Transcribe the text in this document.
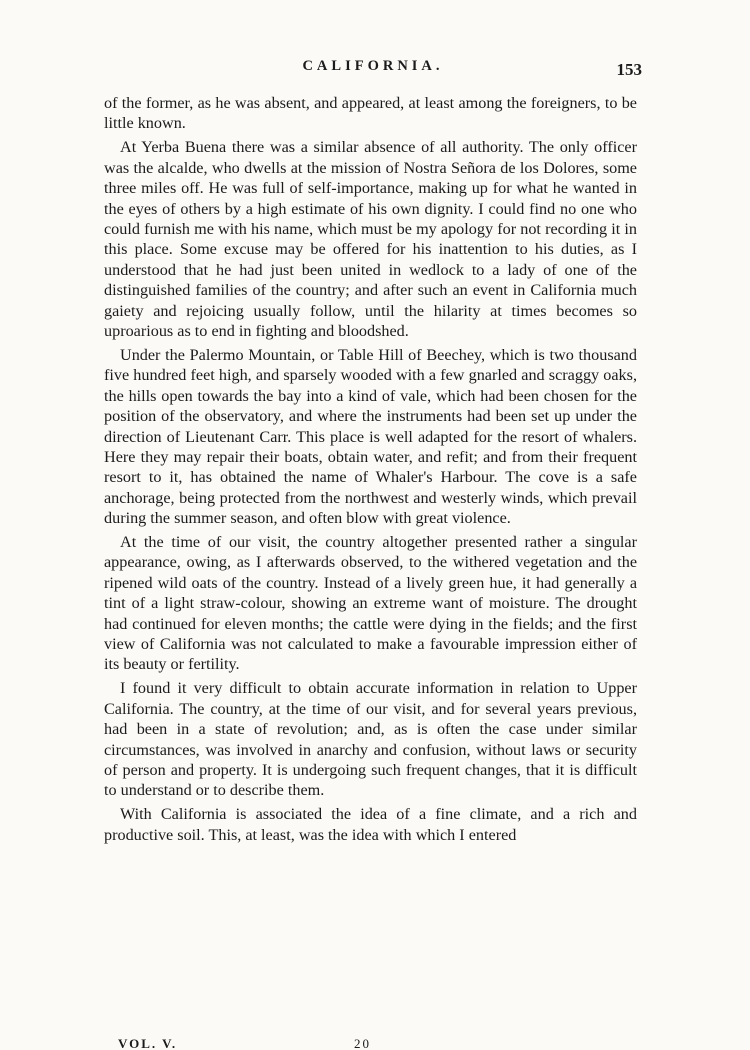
CALIFORNIA.	153

of the former, as he was absent, and appeared, at least among the foreigners, to be little known.

At Yerba Buena there was a similar absence of all authority. The only officer was the alcalde, who dwells at the mission of Nostra Señora de los Dolores, some three miles off. He was full of self-importance, making up for what he wanted in the eyes of others by a high estimate of his own dignity. I could find no one who could furnish me with his name, which must be my apology for not recording it in this place. Some excuse may be offered for his inattention to his duties, as I understood that he had just been united in wedlock to a lady of one of the distinguished families of the country; and after such an event in California much gaiety and rejoicing usually follow, until the hilarity at times becomes so uproarious as to end in fighting and bloodshed.

Under the Palermo Mountain, or Table Hill of Beechey, which is two thousand five hundred feet high, and sparsely wooded with a few gnarled and scraggy oaks, the hills open towards the bay into a kind of vale, which had been chosen for the position of the observatory, and where the instruments had been set up under the direction of Lieutenant Carr. This place is well adapted for the resort of whalers. Here they may repair their boats, obtain water, and refit; and from their frequent resort to it, has obtained the name of Whaler's Harbour. The cove is a safe anchorage, being protected from the northwest and westerly winds, which prevail during the summer season, and often blow with great violence.

At the time of our visit, the country altogether presented rather a singular appearance, owing, as I afterwards observed, to the withered vegetation and the ripened wild oats of the country. Instead of a lively green hue, it had generally a tint of a light straw-colour, showing an extreme want of moisture. The drought had continued for eleven months; the cattle were dying in the fields; and the first view of California was not calculated to make a favourable impression either of its beauty or fertility.

I found it very difficult to obtain accurate information in relation to Upper California. The country, at the time of our visit, and for several years previous, had been in a state of revolution; and, as is often the case under similar circumstances, was involved in anarchy and confusion, without laws or security of person and property. It is undergoing such frequent changes, that it is difficult to understand or to describe them.

With California is associated the idea of a fine climate, and a rich and productive soil. This, at least, was the idea with which I entered

VOL. V.	20
